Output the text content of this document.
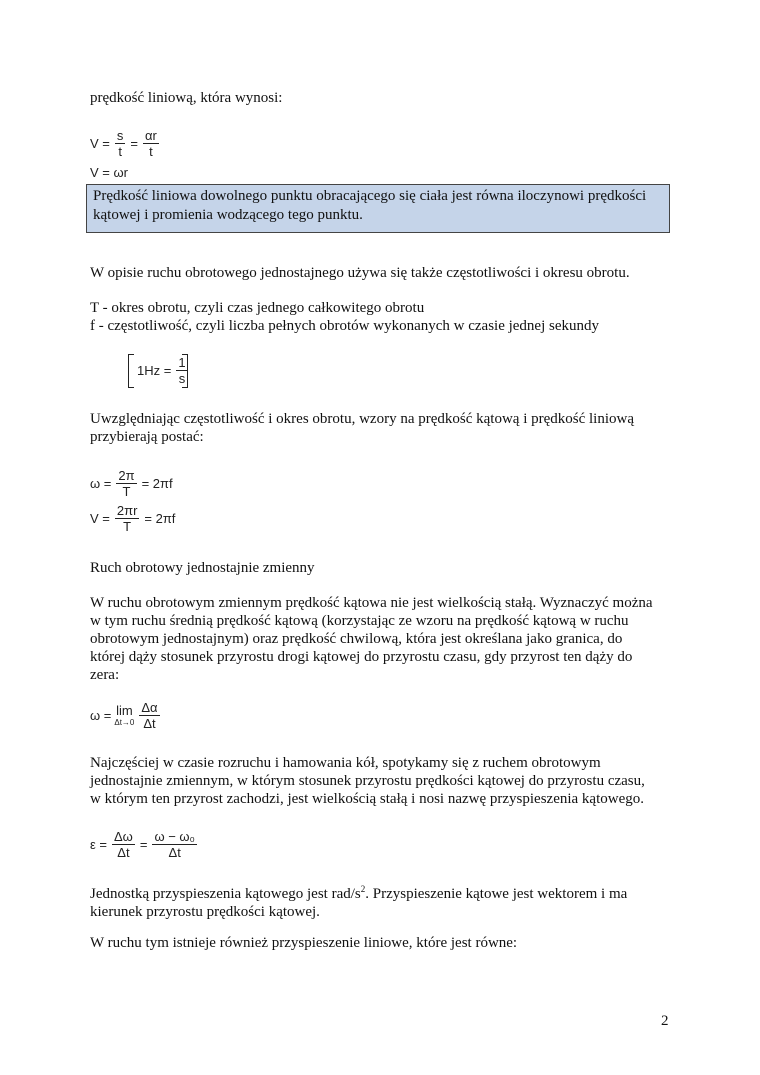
prędkość liniową, która wynosi:
$V = \frac{s}{t} = \frac{\alpha r}{t}$
V = ωr
Prędkość liniowa dowolnego punktu obracającego się ciała jest równa iloczynowi prędkości
kątowej i promienia wodzącego tego punktu.
W opisie ruchu obrotowego jednostajnego używa się także częstotliwości i okresu obrotu.
T - okres obrotu, czyli czas jednego całkowitego obrotu
f - częstotliwość, czyli liczba pełnych obrotów wykonanych w czasie jednej sekundy
$1Hz = \frac{1}{s}$
Uwzględniając częstotliwość i okres obrotu, wzory na prędkość kątową i prędkość liniową
przybierają postać:
$\omega = \frac{2\pi}{T} = 2\pi f$
$V = \frac{2\pi r}{T} = 2\pi f$
Ruch obrotowy jednostajnie zmienny
W ruchu obrotowym zmiennym prędkość kątowa nie jest wielkością stałą. Wyznaczyć można
w tym ruchu średnią prędkość kątową (korzystając ze wzoru na prędkość kątową w ruchu
obrotowym jednostajnym) oraz prędkość chwilową, która jest określana jako granica, do
której dąży stosunek przyrostu drogi kątowej do przyrostu czasu, gdy przyrost ten dąży do
zera:
ω = lim
$\Delta t\to 0 \frac{\Delta\alpha}{\Delta t}$
Najczęściej w czasie rozruchu i hamowania kół, spotykamy się z ruchem obrotowym
jednostajnie zmiennym, w którym stosunek przyrostu prędkości kątowej do przyrostu czasu,
w którym ten przyrost zachodzi, jest wielkością stałą i nosi nazwę przyspieszenia kątowego.
$\varepsilon = \frac{\Delta\omega}{\Delta t} = \frac{\text{ω − ω₀}}{\Delta t}$
Jednostką przyspieszenia kątowego jest rad/$s^2$. Przyspieszenie kątowe jest wektorem i ma
kierunek przyrostu prędkości kątowej.
W ruchu tym istnieje również przyspieszenie liniowe, które jest równe:
2
